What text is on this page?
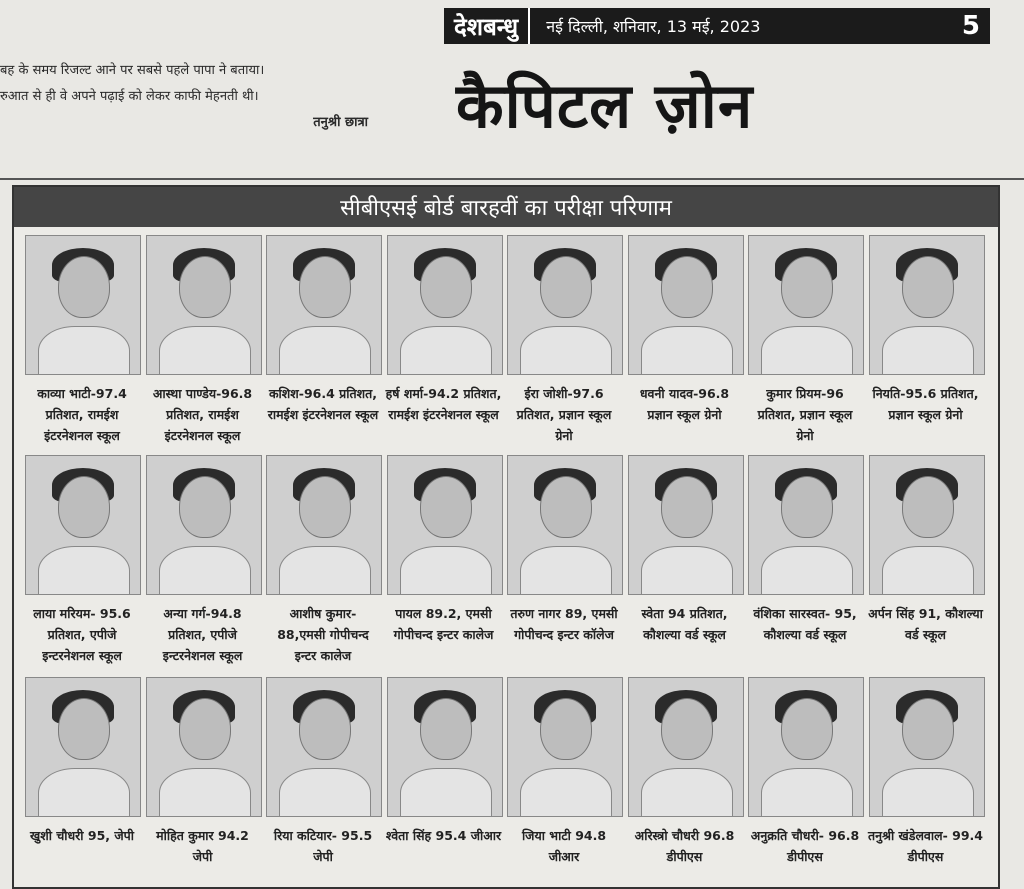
बह के समय रिजल्ट आने पर सबसे पहले पापा ने बताया।
रुआत से ही वे अपने पढ़ाई को लेकर काफी मेहनती थी।
तनुश्री छात्रा
देशबन्धु	नई दिल्ली, शनिवार, 13 मई, 2023	5
कैपिटल ज़ोन
सीबीएसई बोर्ड बारहवीं का परीक्षा परिणाम
काव्या भाटी-97.4 प्रतिशत, रामईश इंटरनेशनल स्कूल
आस्था पाण्डेय-96.8 प्रतिशत, रामईश इंटरनेशनल स्कूल
कशिश-96.4 प्रतिशत, रामईश इंटरनेशनल स्कूल
हर्ष शर्मा-94.2 प्रतिशत, रामईश इंटरनेशनल स्कूल
ईरा जोशी-97.6 प्रतिशत, प्रज्ञान स्कूल ग्रेनो
धवनी यादव-96.8 प्रज्ञान स्कूल ग्रेनो
कुमार प्रियम-96 प्रतिशत, प्रज्ञान स्कूल ग्रेनो
नियति-95.6 प्रतिशत, प्रज्ञान स्कूल ग्रेनो
लाया मरियम- 95.6 प्रतिशत, एपीजे इन्टरनेशनल स्कूल
अन्या गर्ग-94.8 प्रतिशत, एपीजे इन्टरनेशनल स्कूल
आशीष कुमार- 88,एमसी गोपीचन्द इन्टर कालेज
पायल 89.2, एमसी गोपीचन्द इन्टर कालेज
तरुण नागर 89, एमसी गोपीचन्द इन्टर कॉलेज
स्वेता 94 प्रतिशत, कौशल्या वर्ड स्कूल
वंशिका सारस्वत- 95, कौशल्या वर्ड स्कूल
अर्पन सिंह 91, कौशल्या वर्ड स्कूल
खुशी चौधरी 95, जेपी	मोहित कुमार 94.2 जेपी
रिया कटियार- 95.5 जेपी
श्वेता सिंह 95.4 जीआर	जिया भाटी 94.8 जीआर
अरिस्त्रो चौधरी 96.8 डीपीएस
अनुक्रति चौधरी- 96.8 डीपीएस
तनुश्री खंडेलवाल- 99.4 डीपीएस
